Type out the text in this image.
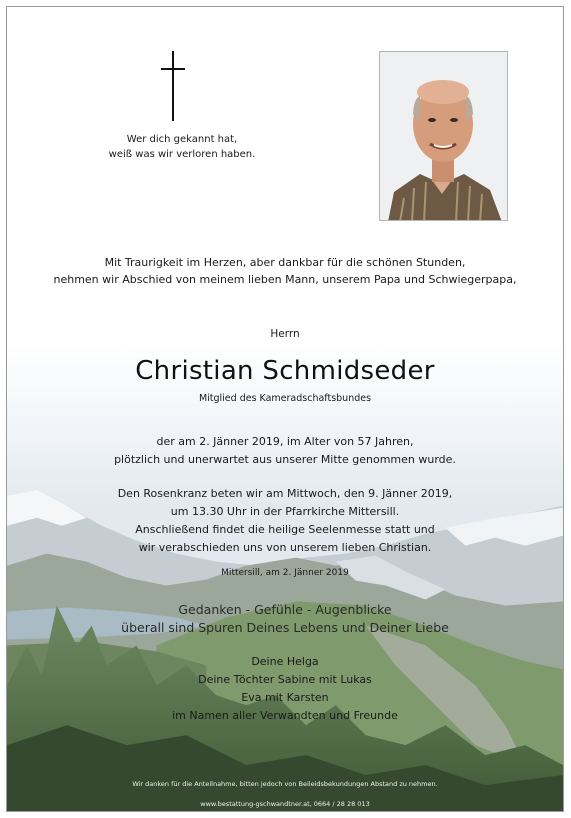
Wer dich gekannt hat,
weiß was wir verloren haben.
Mit Traurigkeit im Herzen, aber dankbar für die schönen Stunden,
nehmen wir Abschied von meinem lieben Mann, unserem Papa und Schwiegerpapa,
Herrn
Christian Schmidseder
Mitglied des Kameradschaftsbundes
der am 2. Jänner 2019, im Alter von 57 Jahren,
plötzlich und unerwartet aus unserer Mitte genommen wurde.
Den Rosenkranz beten wir am Mittwoch, den 9. Jänner 2019,
um 13.30 Uhr in der Pfarrkirche Mittersill.
Anschließend findet die heilige Seelenmesse statt und
wir verabschieden uns von unserem lieben Christian.
Mittersill, am 2. Jänner 2019
Gedanken - Gefühle - Augenblicke
überall sind Spuren Deines Lebens und Deiner Liebe
Deine Helga
Deine Töchter Sabine mit Lukas
Eva mit Karsten
im Namen aller Verwandten und Freunde
Wir danken für die Anteilnahme, bitten jedoch von Beileidsbekundungen Abstand zu nehmen.
www.bestattung-gschwandtner.at, 0664 / 28 28 013
